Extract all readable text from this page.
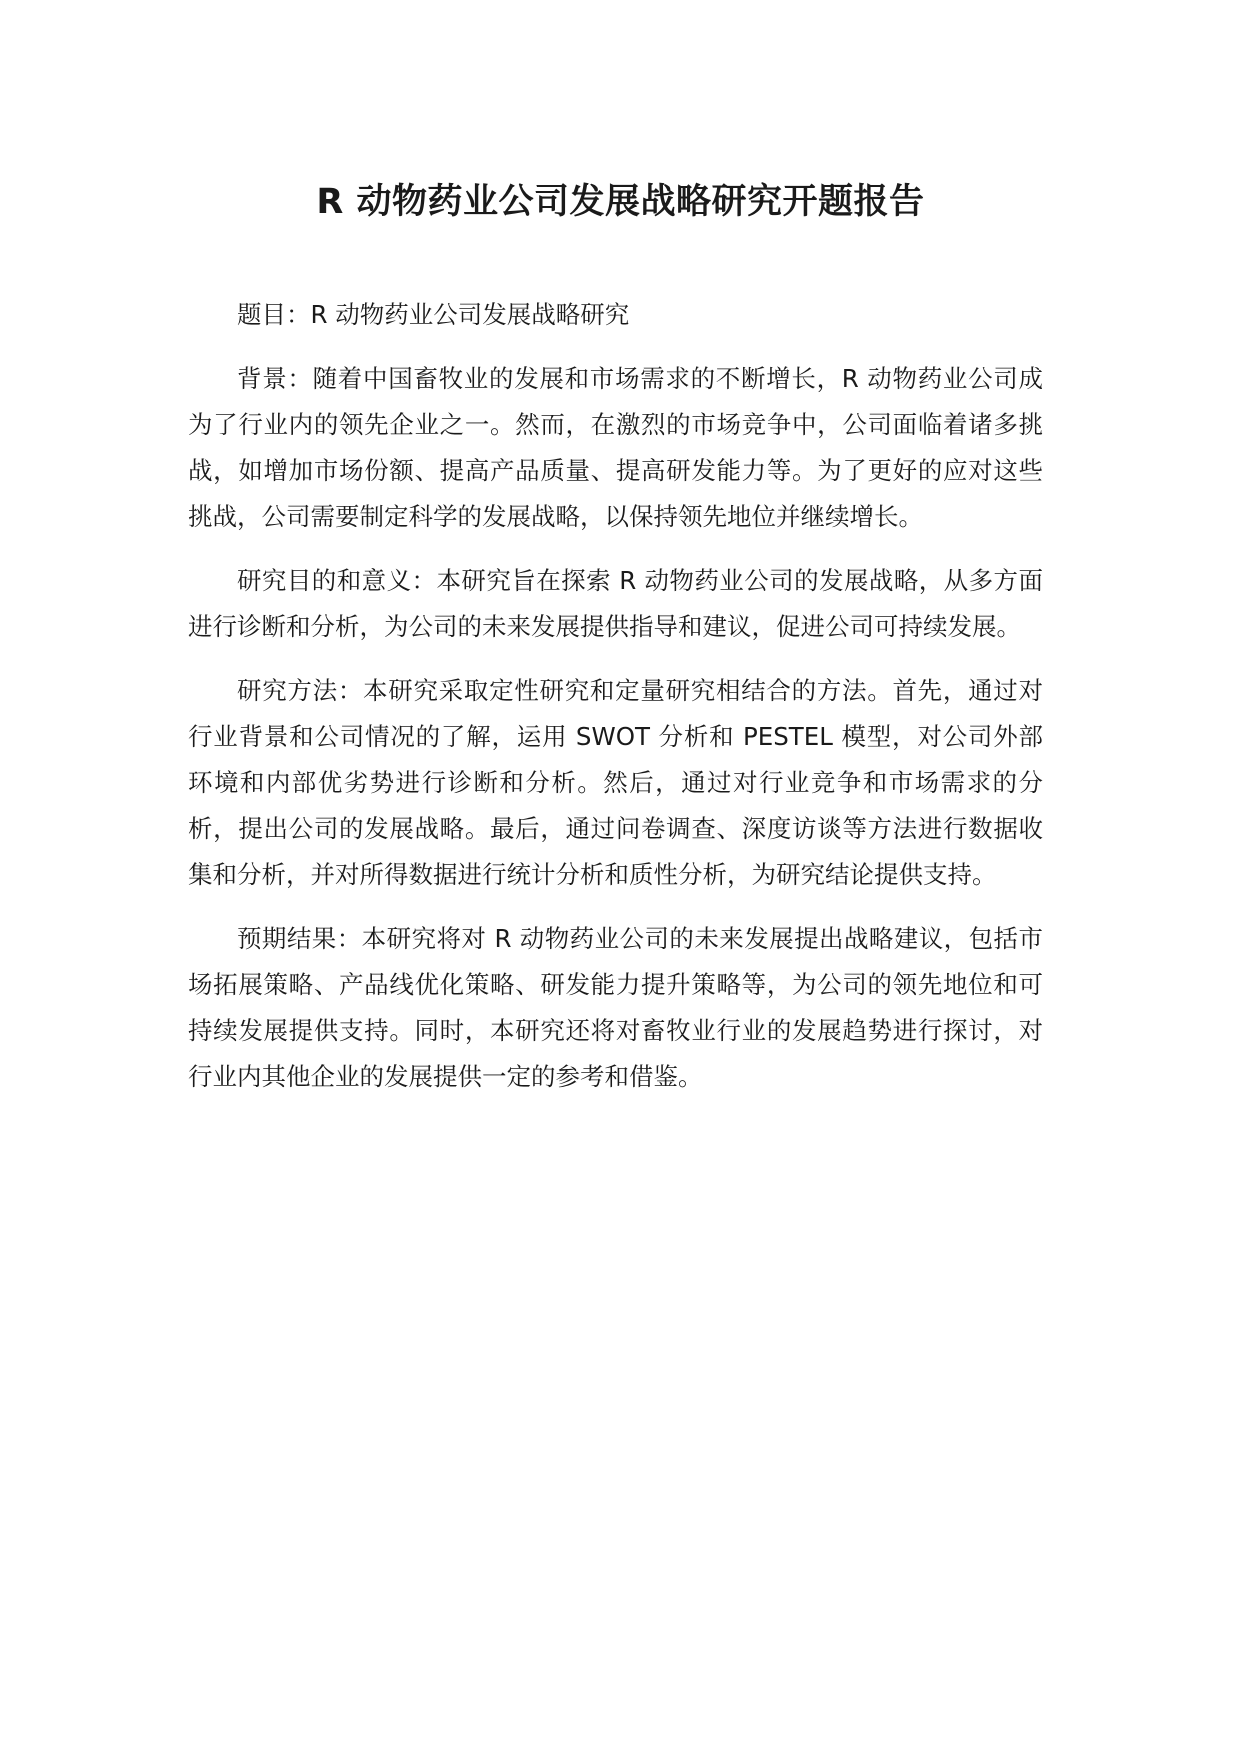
R 动物药业公司发展战略研究开题报告

题目：R 动物药业公司发展战略研究

背景：随着中国畜牧业的发展和市场需求的不断增长，R 动物药业公司成为了行业内的领先企业之一。然而，在激烈的市场竞争中，公司面临着诸多挑战，如增加市场份额、提高产品质量、提高研发能力等。为了更好的应对这些挑战，公司需要制定科学的发展战略，以保持领先地位并继续增长。

研究目的和意义：本研究旨在探索 R 动物药业公司的发展战略，从多方面进行诊断和分析，为公司的未来发展提供指导和建议，促进公司可持续发展。

研究方法：本研究采取定性研究和定量研究相结合的方法。首先，通过对行业背景和公司情况的了解，运用 SWOT 分析和 PESTEL 模型，对公司外部环境和内部优劣势进行诊断和分析。然后，通过对行业竞争和市场需求的分析，提出公司的发展战略。最后，通过问卷调查、深度访谈等方法进行数据收集和分析，并对所得数据进行统计分析和质性分析，为研究结论提供支持。

预期结果：本研究将对 R 动物药业公司的未来发展提出战略建议，包括市场拓展策略、产品线优化策略、研发能力提升策略等，为公司的领先地位和可持续发展提供支持。同时，本研究还将对畜牧业行业的发展趋势进行探讨，对行业内其他企业的发展提供一定的参考和借鉴。
